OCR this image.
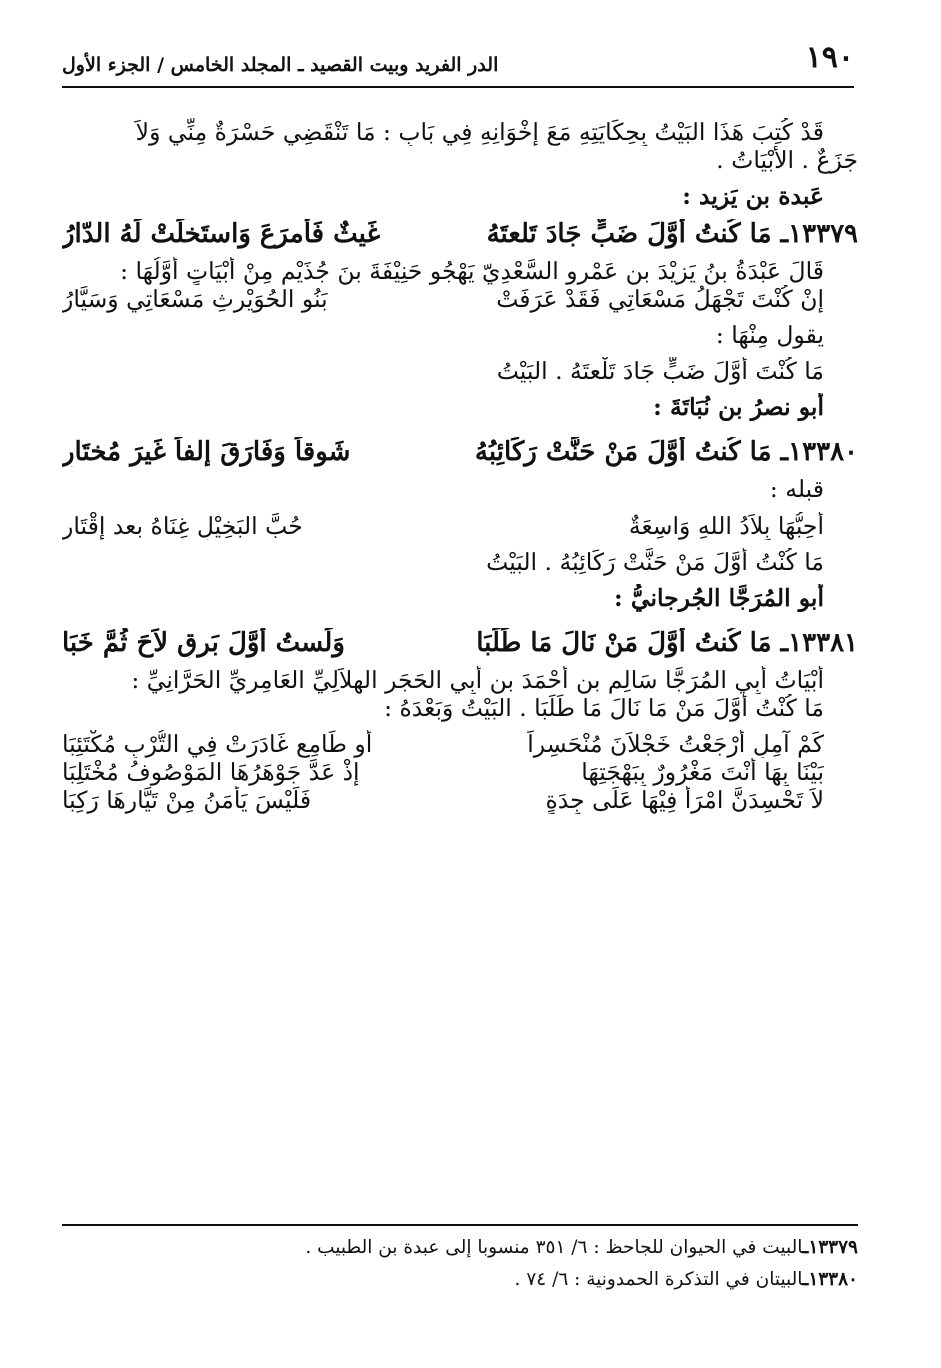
١٩٠
الدر الفريد وبيت القصيد ـ المجلد الخامس / الجزء الأول
قَدْ كُتِبَ هَذَا البَيْتُ بِحِكَايَتِهِ مَعَ إِخْوَانِهِ فِي بَابِ : مَا تَنْقَضِي حَسْرَةٌ مِنِّي وَلاَ
جَزَعٌ . الأَبْيَاتُ .
عَبدة بن يَزيد :
١٣٣٧٩ـ مَا كُنتُ أَوَّلَ ضَبٍّ جَادَ تَلعتَهُ
غَيثٌ فَأَمرَعَ وَاستَخلَتْ لَهُ الدّارُ
قَالَ عَبْدَةُ بنُ يَزِيْدَ بن عَمْروٍ السَّعْدِيّ يَهْجُو حَنِيْفَةَ بنَ جُذَيْمٍ مِنْ أَبْيَاتٍ أَوَّلُهَا :
إِنْ كُنْتَ تَجْهَلُ مَسْعَاتِي فَقَدْ عَرَفَتْ
بَنُو الحُوَيْرِثِ مَسْعَاتِي وَسَيَّارُ
يقول مِنْهَا :
مَا كُنْتَ أَوَّلَ ضَبٍّ جَادَ تَلْعتَهُ . البَيْتُ
أبو نصرُ بن نُبَاتَةَ :
١٣٣٨٠ـ مَا كُنتُ أَوَّلَ مَنْ حَنَّتْ رَكَائِبُهُ
شَوقاً وَفَارَقَ إِلفاً غَيرَ مُختَارِ
قبله :
أُحِبُّهَا بِلاَدُ اللهِ وَاسِعَةٌ
حُبَّ البَخِيْلِ غِنَاهُ بعد إِقْتَارِ
مَا كُنْتُ أَوَّلَ مَنْ حَنَّتْ رَكَائِبُهُ . البَيْتُ
أبو المُرَجَّا الجُرجانيُّ :
١٣٣٨١ـ مَا كُنتُ أَوَّلَ مَنْ نَالَ مَا طَلَبَا
وَلَستُ أَوَّلَ بَرقٍ لاَحَ ثُمَّ خَبَا
أَبْيَاتُ أَبِي المُرَجَّا سَالِمِ بن أَحْمَدَ بن أَبِي الحَجَرِ الهِلاَلِيِّ العَامِرِيِّ الحَرَّانِيِّ :
مَا كُنْتُ أَوَّلَ مَنْ مَا نَالَ مَا طَلَبَا . البَيْتُ وَبَعْدَهُ :
كَمْ آمِلٍ أَرْجَعْتُ خَجْلاَنَ مُنْحَسِراً
أَو طَامِعٍ غَادَرَتْ فِي التُّرْبِ مُكْتَئِبَا
بَيْنَا بِهَا أَنْتَ مَغْرُورٌ بِبَهْجَتِهَا
إِذْ عَدَّ جَوْهَرُهَا المَوْصُوفُ مُخْتَلِبَا
لاَ تَحْسِدَنَّ امْرَأً فِيْهَا عَلَى جِدَةٍ
فَلَيْسَ يَأْمَنُ مِنْ تَيَّارِهَا رَكِبَا
١٣٣٧٩ـالبيت في الحيوان للجاحظ : ٦/ ٣٥١ منسوبا إلى عبدة بن الطبيب .
١٣٣٨٠ـالبيتان في التذكرة الحمدونية : ٦/ ٧٤ .
